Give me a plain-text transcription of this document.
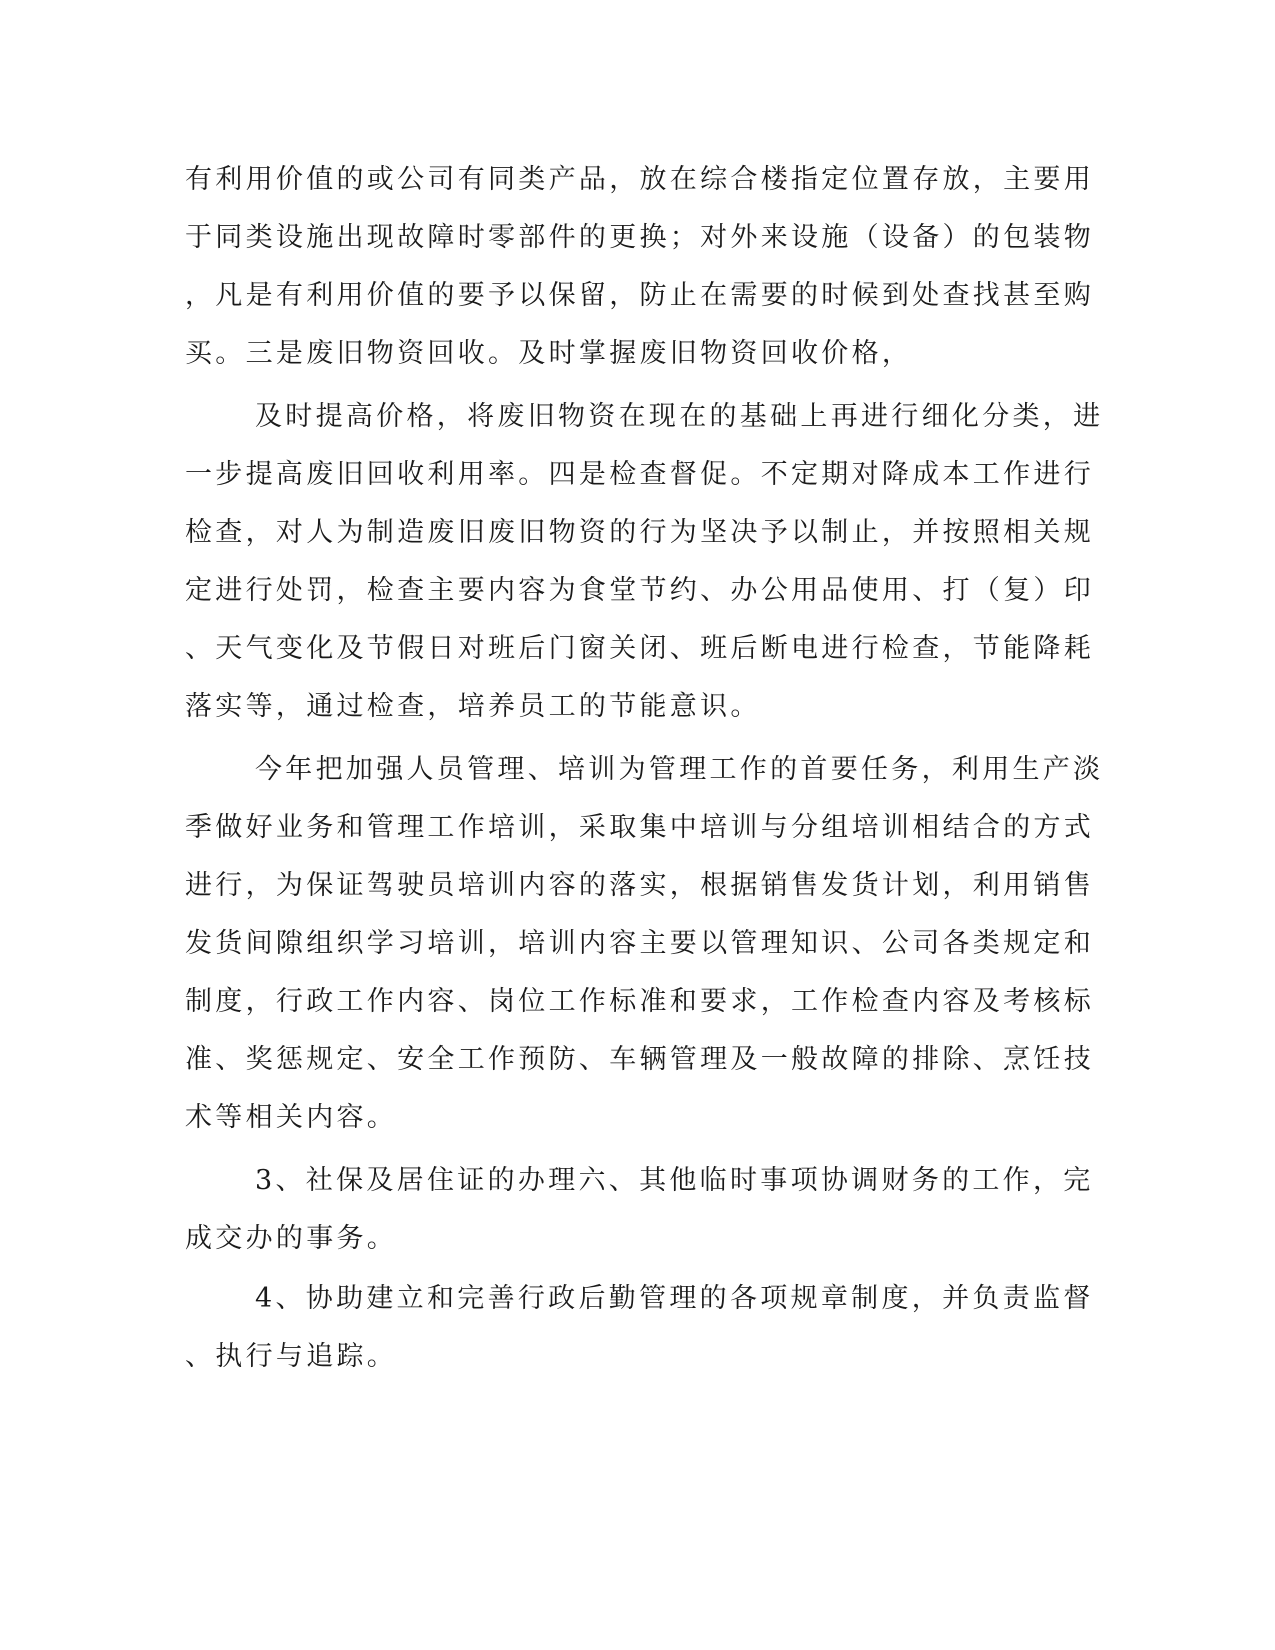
有利用价值的或公司有同类产品，放在综合楼指定位置存放，主要用
于同类设施出现故障时零部件的更换；对外来设施（设备）的包装物
，凡是有利用价值的要予以保留，防止在需要的时候到处查找甚至购
买。三是废旧物资回收。及时掌握废旧物资回收价格，
及时提高价格，将废旧物资在现在的基础上再进行细化分类，进
一步提高废旧回收利用率。四是检查督促。不定期对降成本工作进行
检查，对人为制造废旧废旧物资的行为坚决予以制止，并按照相关规
定进行处罚，检查主要内容为食堂节约、办公用品使用、打（复）印
、天气变化及节假日对班后门窗关闭、班后断电进行检查，节能降耗
落实等，通过检查，培养员工的节能意识。
今年把加强人员管理、培训为管理工作的首要任务，利用生产淡
季做好业务和管理工作培训，采取集中培训与分组培训相结合的方式
进行，为保证驾驶员培训内容的落实，根据销售发货计划，利用销售
发货间隙组织学习培训，培训内容主要以管理知识、公司各类规定和
制度，行政工作内容、岗位工作标准和要求，工作检查内容及考核标
准、奖惩规定、安全工作预防、车辆管理及一般故障的排除、烹饪技
术等相关内容。
3、社保及居住证的办理六、其他临时事项协调财务的工作，完
成交办的事务。
4、协助建立和完善行政后勤管理的各项规章制度，并负责监督
、执行与追踪。
